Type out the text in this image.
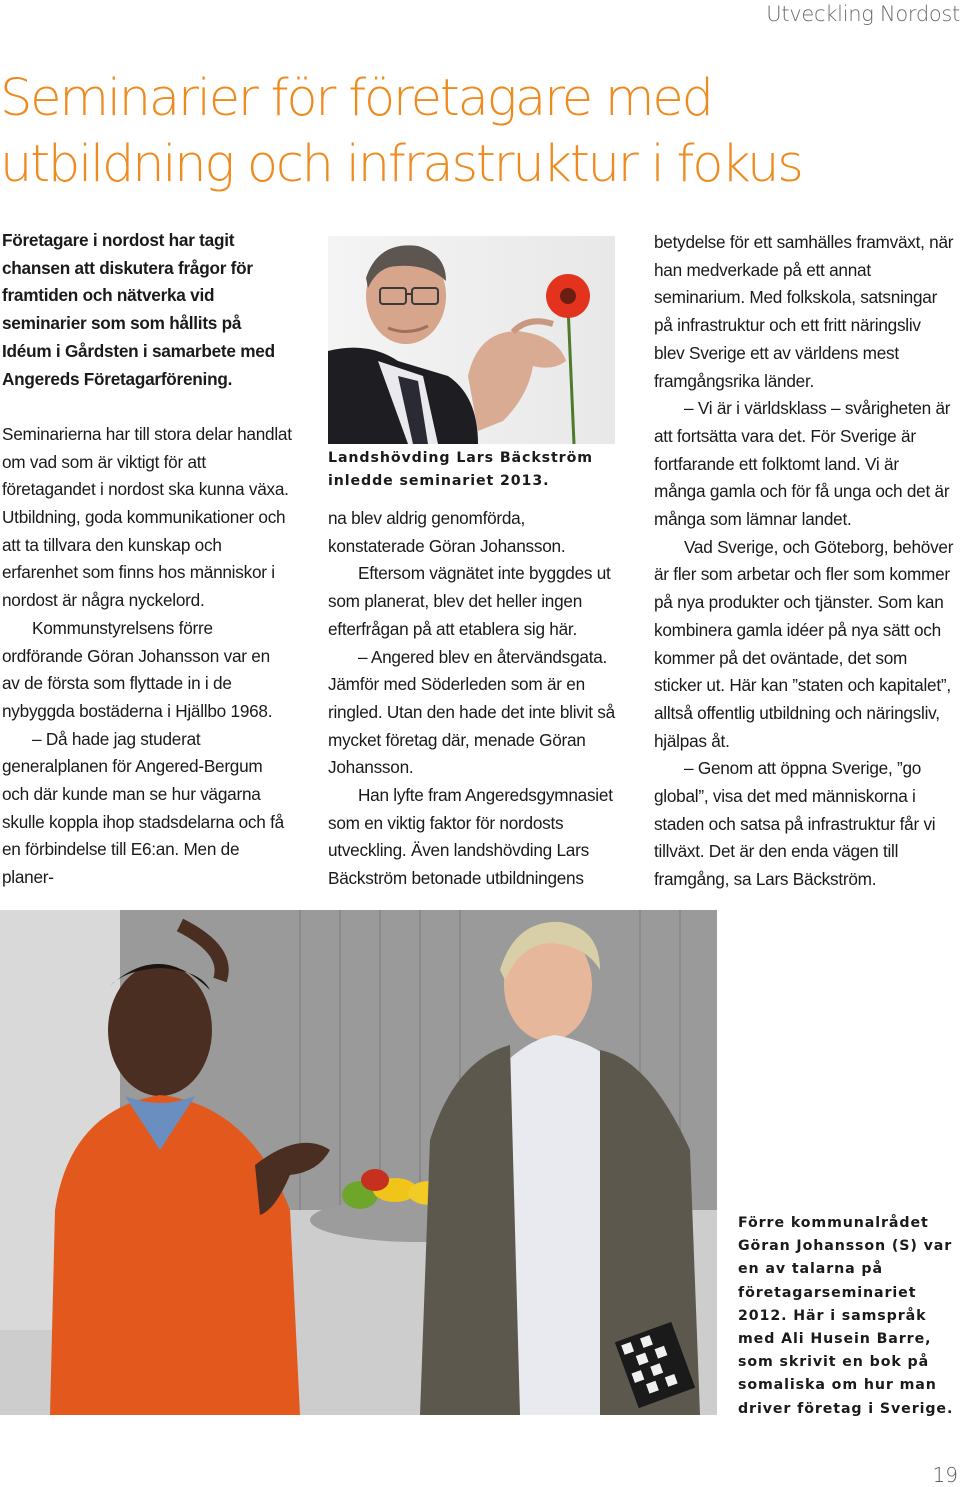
Utveckling Nordost
Seminarier för företagare med
utbildning och infrastruktur i fokus

Företagare i nordost har tagit chansen att diskutera frågor för framtiden och nätverka vid seminarier som som hållits på Idéum i Gårdsten i samarbete med Angereds Företagarförening.

Seminarierna har till stora delar handlat om vad som är viktigt för att företagandet i nordost ska kunna växa. Utbildning, goda kommunikationer och att ta tillvara den kunskap och erfarenhet som finns hos människor i nordost är några nyckelord.

Kommunstyrelsens förre ordförande Göran Johansson var en av de första som flyttade in i de nybyggda bostäderna i Hjällbo 1968.

– Då hade jag studerat generalplanen för Angered-Bergum och där kunde man se hur vägarna skulle koppla ihop stadsdelarna och få en förbindelse till E6:an. Men de planer-

Landshövding Lars Bäckström inledde seminariet 2013.

na blev aldrig genomförda, konstaterade Göran Johansson.

Eftersom vägnätet inte byggdes ut som planerat, blev det heller ingen efterfrågan på att etablera sig här.

– Angered blev en återvändsgata. Jämför med Söderleden som är en ringled. Utan den hade det inte blivit så mycket företag där, menade Göran Johansson.

Han lyfte fram Angeredsgymnasiet som en viktig faktor för nordosts utveckling. Även landshövding Lars Bäckström betonade utbildningens

betydelse för ett samhälles framväxt, när han medverkade på ett annat seminarium. Med folkskola, satsningar på infrastruktur och ett fritt näringsliv blev Sverige ett av världens mest framgångsrika länder.

– Vi är i världsklass – svårigheten är att fortsätta vara det. För Sverige är fortfarande ett folktomt land. Vi är många gamla och för få unga och det är många som lämnar landet.

Vad Sverige, och Göteborg, behöver är fler som arbetar och fler som kommer på nya produkter och tjänster. Som kan kombinera gamla idéer på nya sätt och kommer på det oväntade, det som sticker ut. Här kan ”staten och kapitalet”, alltså offentlig utbildning och näringsliv, hjälpas åt.

– Genom att öppna Sverige, ”go global”, visa det med människorna i staden och satsa på infrastruktur får vi tillväxt. Det är den enda vägen till framgång, sa Lars Bäckström.

Förre kommunalrådet Göran Johansson (S) var en av talarna på företagarseminariet 2012. Här i samspråk med Ali Husein Barre, som skrivit en bok på somaliska om hur man driver företag i Sverige.

19
